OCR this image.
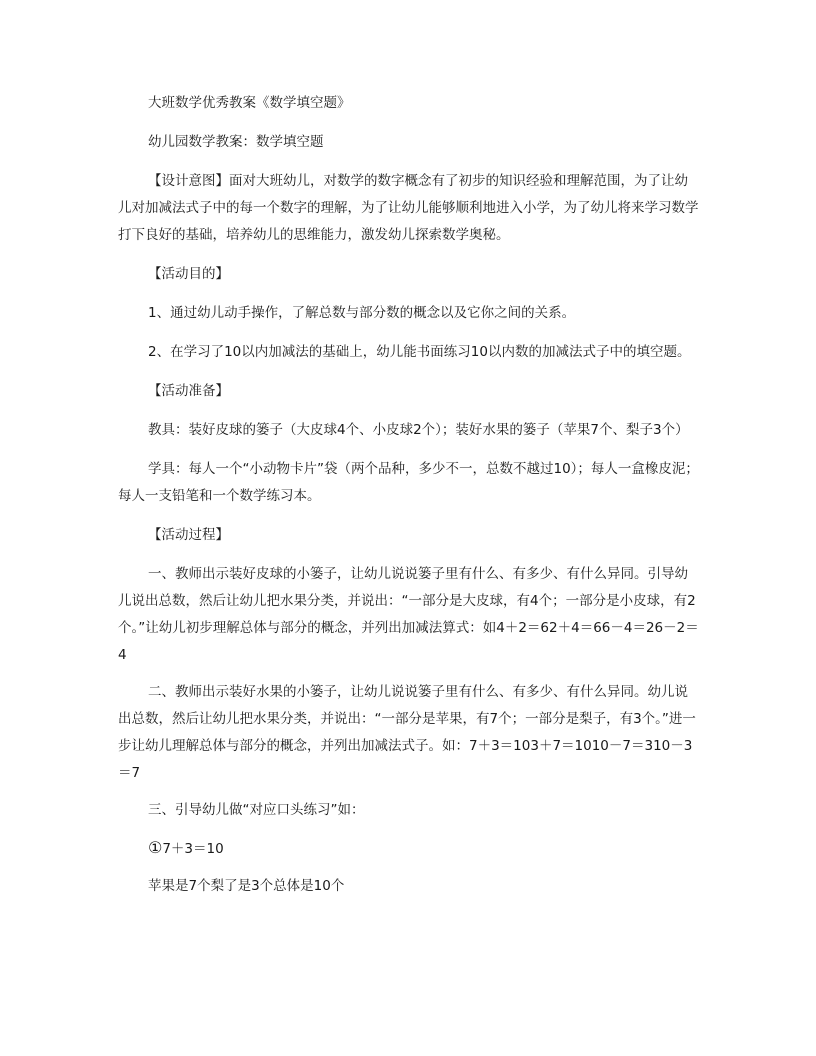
大班数学优秀教案《数学填空题》

幼儿园数学教案：数学填空题

【设计意图】面对大班幼儿，对数学的数字概念有了初步的知识经验和理解范围，为了让幼儿对加减法式子中的每一个数字的理解，为了让幼儿能够顺利地进入小学，为了幼儿将来学习数学打下良好的基础，培养幼儿的思维能力，激发幼儿探索数学奥秘。

【活动目的】

1、通过幼儿动手操作，了解总数与部分数的概念以及它你之间的关系。

2、在学习了10以内加减法的基础上，幼儿能书面练习10以内数的加减法式子中的填空题。

【活动准备】

教具：装好皮球的篓子（大皮球4个、小皮球2个）；装好水果的篓子（苹果7个、梨子3个）

学具：每人一个“小动物卡片”袋（两个品种，多少不一，总数不越过10）；每人一盒橡皮泥；每人一支铅笔和一个数学练习本。

【活动过程】

一、教师出示装好皮球的小篓子，让幼儿说说篓子里有什么、有多少、有什么异同。引导幼儿说出总数，然后让幼儿把水果分类，并说出：“一部分是大皮球，有4个；一部分是小皮球，有2个。”让幼儿初步理解总体与部分的概念，并列出加减法算式：如4＋2＝62＋4＝66－4＝26－2＝4

二、教师出示装好水果的小篓子，让幼儿说说篓子里有什么、有多少、有什么异同。幼儿说出总数，然后让幼儿把水果分类，并说出：“一部分是苹果，有7个；一部分是梨子，有3个。”进一步让幼儿理解总体与部分的概念，并列出加减法式子。如：7＋3＝103＋7＝1010－7＝310－3＝7

三、引导幼儿做“对应口头练习”如：

①7＋3＝10

苹果是7个梨了是3个总体是10个
